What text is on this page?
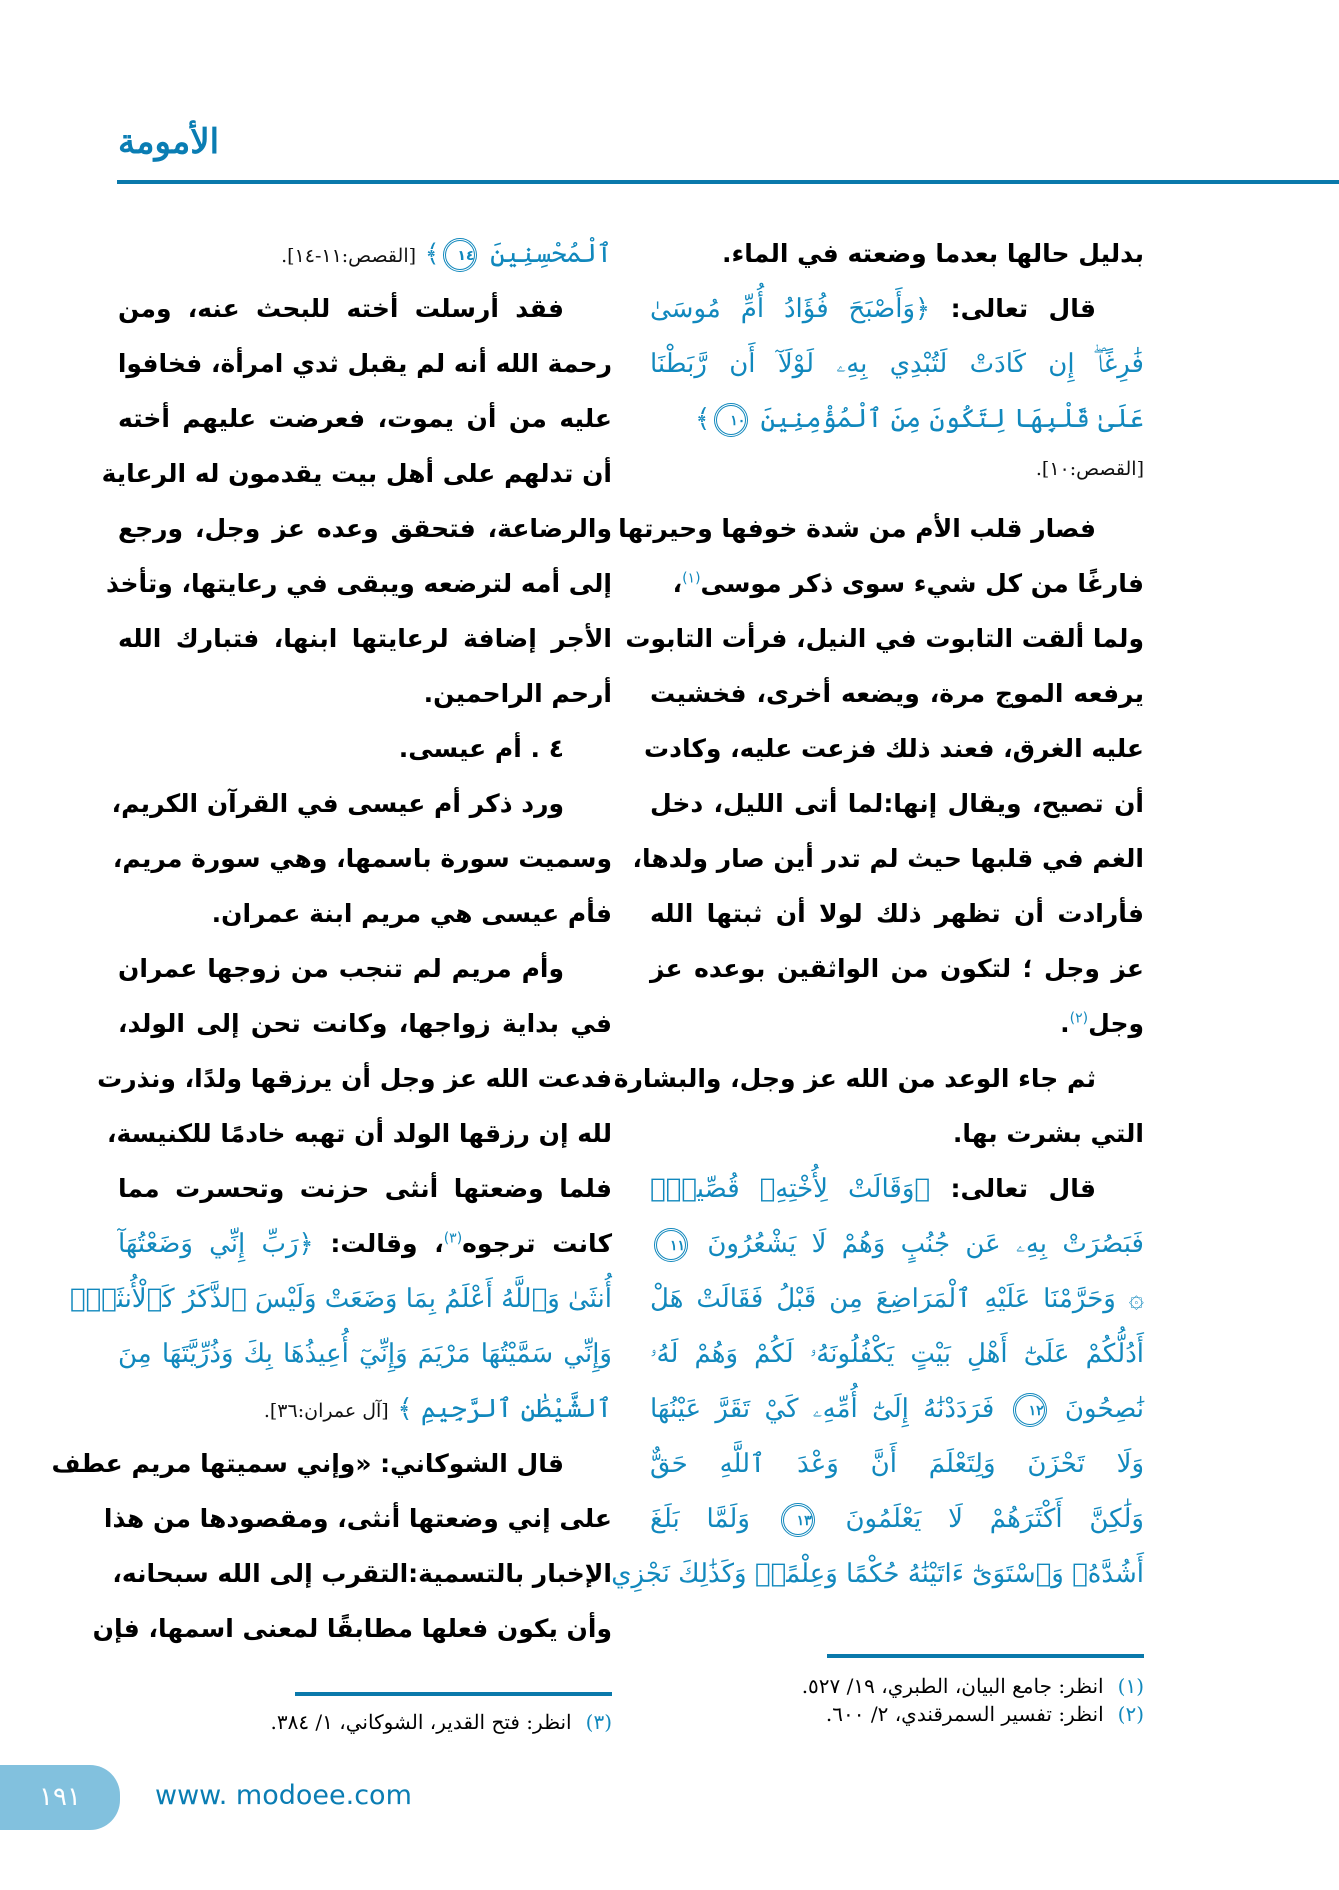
الأمومة
بدليل حالها بعدما وضعته في الماء.
قال تعالى: ﴿وَأَصْبَحَ فُؤَادُ أُمِّ مُوسَىٰ
فَٰرِغًاۖ إِن كَادَتْ لَتُبْدِي بِهِۦ لَوْلَآ أَن رَّبَطْنَا
عَلَىٰ قَلْبِهَا لِتَكُونَ مِنَ ٱلْمُؤْمِنِينَ ١٠﴾
[القصص:١٠].
فصار قلب الأم من شدة خوفها وحيرتها
فارغًا من كل شيء سوى ذكر موسى$^{(١)}$،
ولما ألقت التابوت في النيل، فرأت التابوت
يرفعه الموج مرة، ويضعه أخرى، فخشيت
عليه الغرق، فعند ذلك فزعت عليه، وكادت
أن تصيح، ويقال إنها:لما أتى الليل، دخل
الغم في قلبها حيث لم تدر أين صار ولدها،
فأرادت أن تظهر ذلك لولا أن ثبتها الله
عز وجل ؛ لتكون من الواثقين بوعده عز
وجل$^{(٢)}$.
ثم جاء الوعد من الله عز وجل، والبشارة
التي بشرت بها.
قال تعالى: ﴿وَقَالَتْ لِأُخْتِهِۦ قُصِّيهِۖ
فَبَصُرَتْ بِهِۦ عَن جُنُبٍ وَهُمْ لَا يَشْعُرُونَ ١١
۞ وَحَرَّمْنَا عَلَيْهِ ٱلْمَرَاضِعَ مِن قَبْلُ فَقَالَتْ هَلْ
أَدُلُّكُمْ عَلَىٰٓ أَهْلِ بَيْتٍ يَكْفُلُونَهُۥ لَكُمْ وَهُمْ لَهُۥ
نَٰصِحُونَ ١٢ فَرَدَدْنَٰهُ إِلَىٰٓ أُمِّهِۦ كَيْ تَقَرَّ عَيْنُهَا
وَلَا تَحْزَنَ وَلِتَعْلَمَ أَنَّ وَعْدَ ٱللَّهِ حَقٌّ
وَلَٰكِنَّ أَكْثَرَهُمْ لَا يَعْلَمُونَ ١٣ وَلَمَّا بَلَغَ
أَشُدَّهُۥ وَٱسْتَوَىٰٓ ءَاتَيْنَٰهُ حُكْمًا وَعِلْمًاۚ وَكَذَٰلِكَ نَجْزِي
(١)انظر: جامع البيان، الطبري، ١٩/ ٥٢٧.
(٢)انظر: تفسير السمرقندي، ٢/ ٦٠٠.
ٱلْمُحْسِنِينَ ١٤﴾ [القصص:١١-١٤].
فقد أرسلت أخته للبحث عنه، ومن
رحمة الله أنه لم يقبل ثدي امرأة، فخافوا
عليه من أن يموت، فعرضت عليهم أخته
أن تدلهم على أهل بيت يقدمون له الرعاية
والرضاعة، فتحقق وعده عز وجل، ورجع
إلى أمه لترضعه ويبقى في رعايتها، وتأخذ
الأجر إضافة لرعايتها ابنها، فتبارك الله
أرحم الراحمين.
٤ . أم عيسى.
ورد ذكر أم عيسى في القرآن الكريم،
وسميت سورة باسمها، وهي سورة مريم،
فأم عيسى هي مريم ابنة عمران.
وأم مريم لم تنجب من زوجها عمران
في بداية زواجها، وكانت تحن إلى الولد،
فدعت الله عز وجل أن يرزقها ولدًا، ونذرت
لله إن رزقها الولد أن تهبه خادمًا للكنيسة،
فلما وضعتها أنثى حزنت وتحسرت مما
كانت ترجوه$^{(٣)}$، وقالت: ﴿رَبِّ إِنِّي وَضَعْتُهَآ
أُنثَىٰ وَٱللَّهُ أَعْلَمُ بِمَا وَضَعَتْ وَلَيْسَ ٱلذَّكَرُ كَٱلْأُنثَىٰۖ
وَإِنِّي سَمَّيْتُهَا مَرْيَمَ وَإِنِّيٓ أُعِيذُهَا بِكَ وَذُرِّيَّتَهَا مِنَ
ٱلشَّيْطَٰنِ ٱلرَّجِيمِ ﴾ [آل عمران:٣٦].
قال الشوكاني: «وإني سميتها مريم عطف
على إني وضعتها أنثى، ومقصودها من هذا
الإخبار بالتسمية:التقرب إلى الله سبحانه،
وأن يكون فعلها مطابقًا لمعنى اسمها، فإن
(٣)انظر: فتح القدير، الشوكاني، ١/ ٣٨٤.
١٩١	www. modoee.com
